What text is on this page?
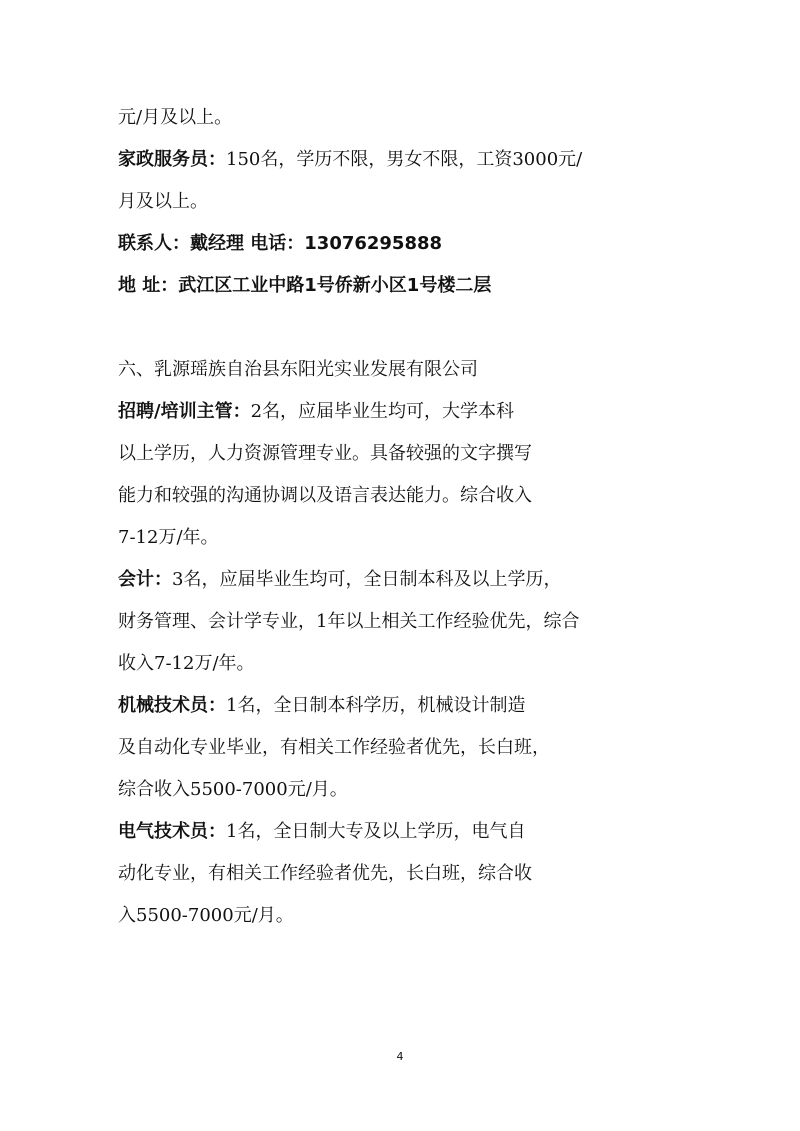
元/月及以上。
家政服务员：150名，学历不限，男女不限，工资3000元/
月及以上。
联系人：戴经理 电话：13076295888
地 址：武江区工业中路1号侨新小区1号楼二层
六、乳源瑶族自治县东阳光实业发展有限公司
招聘/培训主管：2名，应届毕业生均可，大学本科
以上学历，人力资源管理专业。具备较强的文字撰写
能力和较强的沟通协调以及语言表达能力。综合收入
7-12万/年。
会计：3名，应届毕业生均可，全日制本科及以上学历，
财务管理、会计学专业，1年以上相关工作经验优先，综合
收入7-12万/年。
机械技术员：1名，全日制本科学历，机械设计制造
及自动化专业毕业，有相关工作经验者优先，长白班，
综合收入5500-7000元/月。
电气技术员：1名，全日制大专及以上学历，电气自
动化专业，有相关工作经验者优先，长白班，综合收
入5500-7000元/月。
4
